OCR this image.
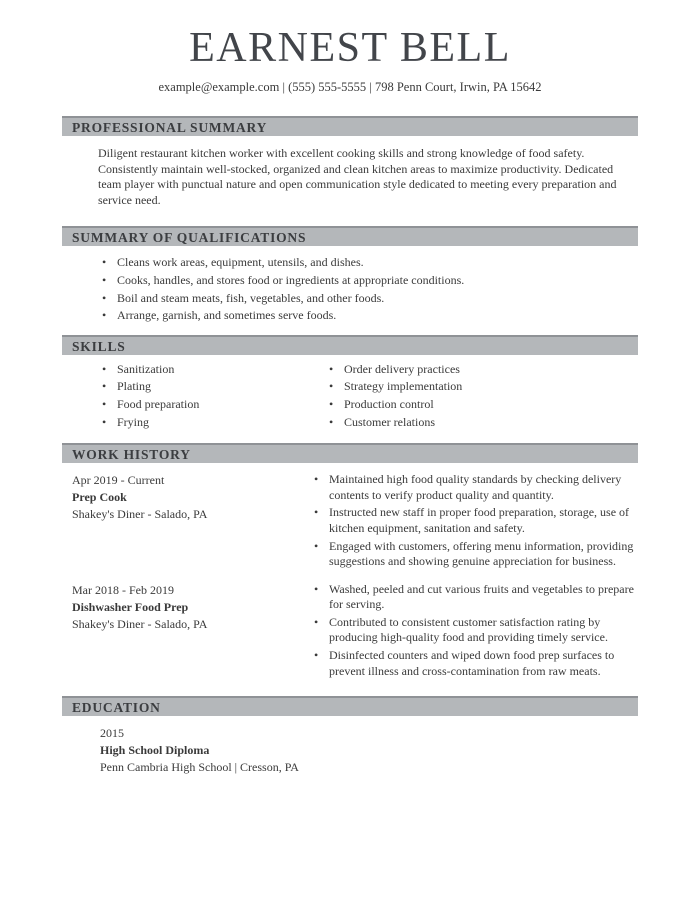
EARNEST BELL
example@example.com | (555) 555-5555 | 798 Penn Court, Irwin, PA 15642
PROFESSIONAL SUMMARY
Diligent restaurant kitchen worker with excellent cooking skills and strong knowledge of food safety. Consistently maintain well-stocked, organized and clean kitchen areas to maximize productivity. Dedicated team player with punctual nature and open communication style dedicated to meeting every preparation and service need.
SUMMARY OF QUALIFICATIONS
• Cleans work areas, equipment, utensils, and dishes.
• Cooks, handles, and stores food or ingredients at appropriate conditions.
• Boil and steam meats, fish, vegetables, and other foods.
• Arrange, garnish, and sometimes serve foods.
SKILLS
• Sanitization
• Plating
• Food preparation
• Frying
• Order delivery practices
• Strategy implementation
• Production control
• Customer relations
WORK HISTORY
Apr 2019 - Current
Prep Cook
Shakey's Diner - Salado, PA
• Maintained high food quality standards by checking delivery contents to verify product quality and quantity.
• Instructed new staff in proper food preparation, storage, use of kitchen equipment, sanitation and safety.
• Engaged with customers, offering menu information, providing suggestions and showing genuine appreciation for business.
Mar 2018 - Feb 2019
Dishwasher Food Prep
Shakey's Diner - Salado, PA
• Washed, peeled and cut various fruits and vegetables to prepare for serving.
• Contributed to consistent customer satisfaction rating by producing high-quality food and providing timely service.
• Disinfected counters and wiped down food prep surfaces to prevent illness and cross-contamination from raw meats.
EDUCATION
2015
High School Diploma
Penn Cambria High School | Cresson, PA
